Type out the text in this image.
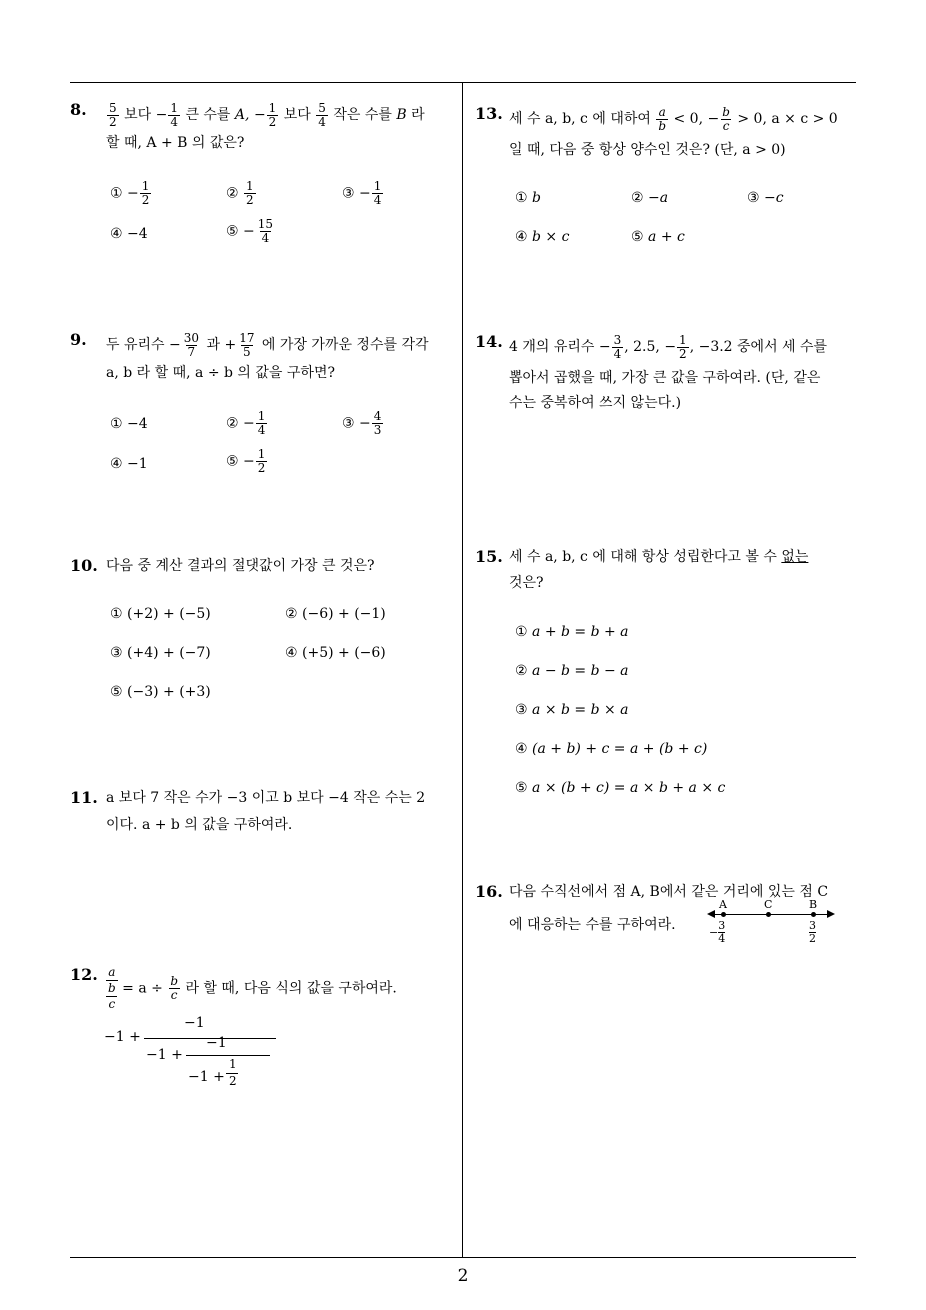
8. $\frac{5}{2}$ 보다 − $\frac{1}{4}$ 큰 수를 A, − $\frac{1}{2}$ 보다 $\frac{5}{4}$ 작은 수를 B 라
할 때, A + B 의 값은?
① − $\frac{1}{2}$	② $\frac{1}{2}$	③ − $\frac{1}{4}$
④ −4	⑤ − $\frac{15}{4}$
9. 두 유리수 − $\frac{30}{7}$ 과 + $\frac{17}{5}$ 에 가장 가까운 정수를 각각
a, b 라 할 때, a ÷ b 의 값을 구하면?
① −4	② − $\frac{1}{4}$	③ − $\frac{4}{3}$
④ −1	⑤ − $\frac{1}{2}$
10. 다음 중 계산 결과의 절댓값이 가장 큰 것은?
① (+2) + (−5)	② (−6) + (−1)
③ (+4) + (−7)	④ (+5) + (−6)
⑤ (−3) + (+3)
11. a 보다 7 작은 수가 −3 이고 b 보다 −4 작은 수는 2
이다. a + b 의 값을 구하여라.
12. a
b
c
= $a \div \frac{b}{c}$ 라 할 때, 다음 식의 값을 구하여라.
−1 +
−1
−1 +
−1
−1 +
1
2
13. 세 수 a, b, c 에 대하여 $\frac{a}{b} < 0$, − $\frac{b}{c} > 0$, a × c > 0
일 때, 다음 중 항상 양수인 것은? (단, a > 0)
① b	② −a	③ −c
④ b × c	⑤ a + c
14. 4 개의 유리수 − $\frac{3}{4}$ , 2.5, − $\frac{1}{2}$ , −3.2 중에서 세 수를
뽑아서 곱했을 때, 가장 큰 값을 구하여라. (단, 같은
수는 중복하여 쓰지 않는다.)
15. 세 수 a, b, c 에 대해 항상 성립한다고 볼 수 없는
것은?
① a + b = b + a
② a − b = b − a
③ a × b = b × a
④ (a + b) + c = a + (b + c)
⑤ a × (b + c) = a × b + a × c
16. 다음 수직선에서 점 A, B에서 같은 거리에 있는 점 C
에 대응하는 수를 구하여라.
A	C	B
− $\frac{3}{4}$	3
2
2
